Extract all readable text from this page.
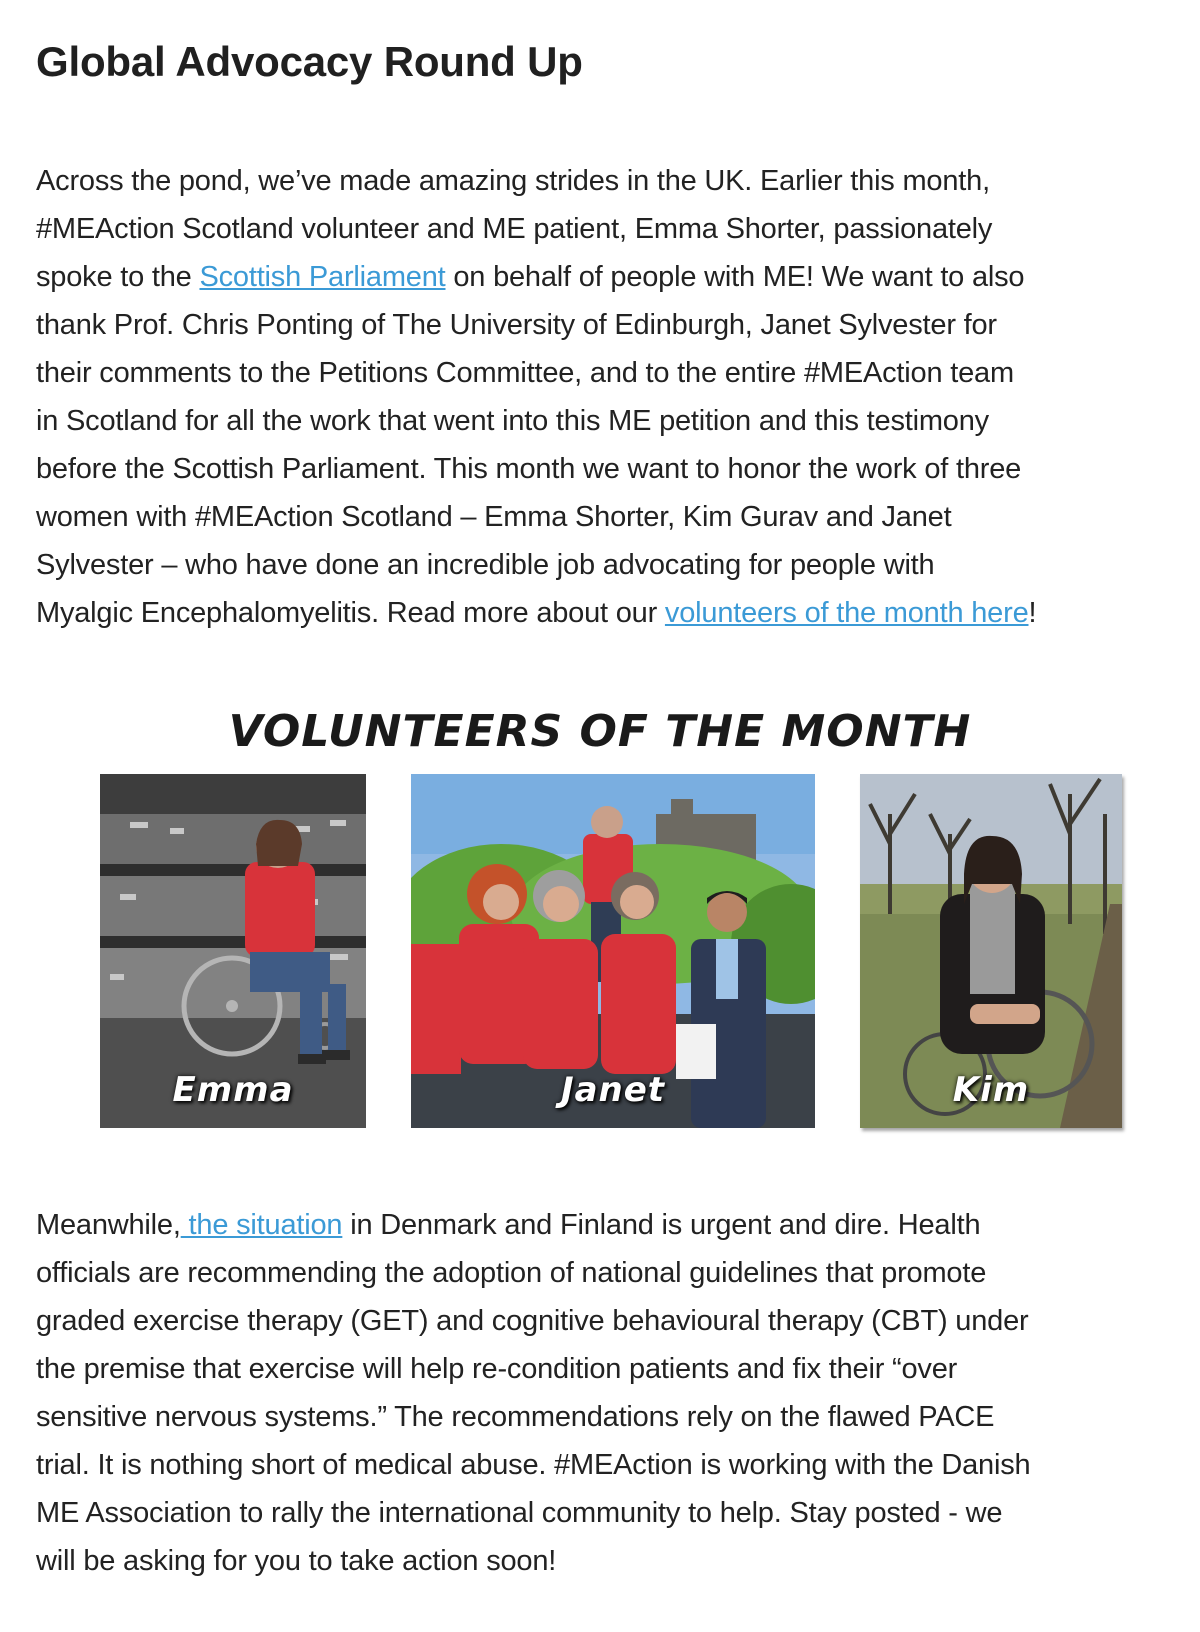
Global Advocacy Round Up

Across the pond, we’ve made amazing strides in the UK. Earlier this month,
#MEAction Scotland volunteer and ME patient, Emma Shorter, passionately
spoke to the Scottish Parliament on behalf of people with ME! We want to also
thank Prof. Chris Ponting of The University of Edinburgh, Janet Sylvester for
their comments to the Petitions Committee, and to the entire #MEAction team
in Scotland for all the work that went into this ME petition and this testimony
before the Scottish Parliament. This month we want to honor the work of three
women with #MEAction Scotland – Emma Shorter, Kim Gurav and Janet
Sylvester – who have done an incredible job advocating for people with
Myalgic Encephalomyelitis. Read more about our volunteers of the month here!

VOLUNTEERS OF THE MONTH
Emma	Janet	Kim

Meanwhile, the situation in Denmark and Finland is urgent and dire. Health
officials are recommending the adoption of national guidelines that promote
graded exercise therapy (GET) and cognitive behavioural therapy (CBT) under
the premise that exercise will help re-condition patients and fix their “over
sensitive nervous systems.” The recommendations rely on the flawed PACE
trial. It is nothing short of medical abuse. #MEAction is working with the Danish
ME Association to rally the international community to help. Stay posted - we
will be asking for you to take action soon!
